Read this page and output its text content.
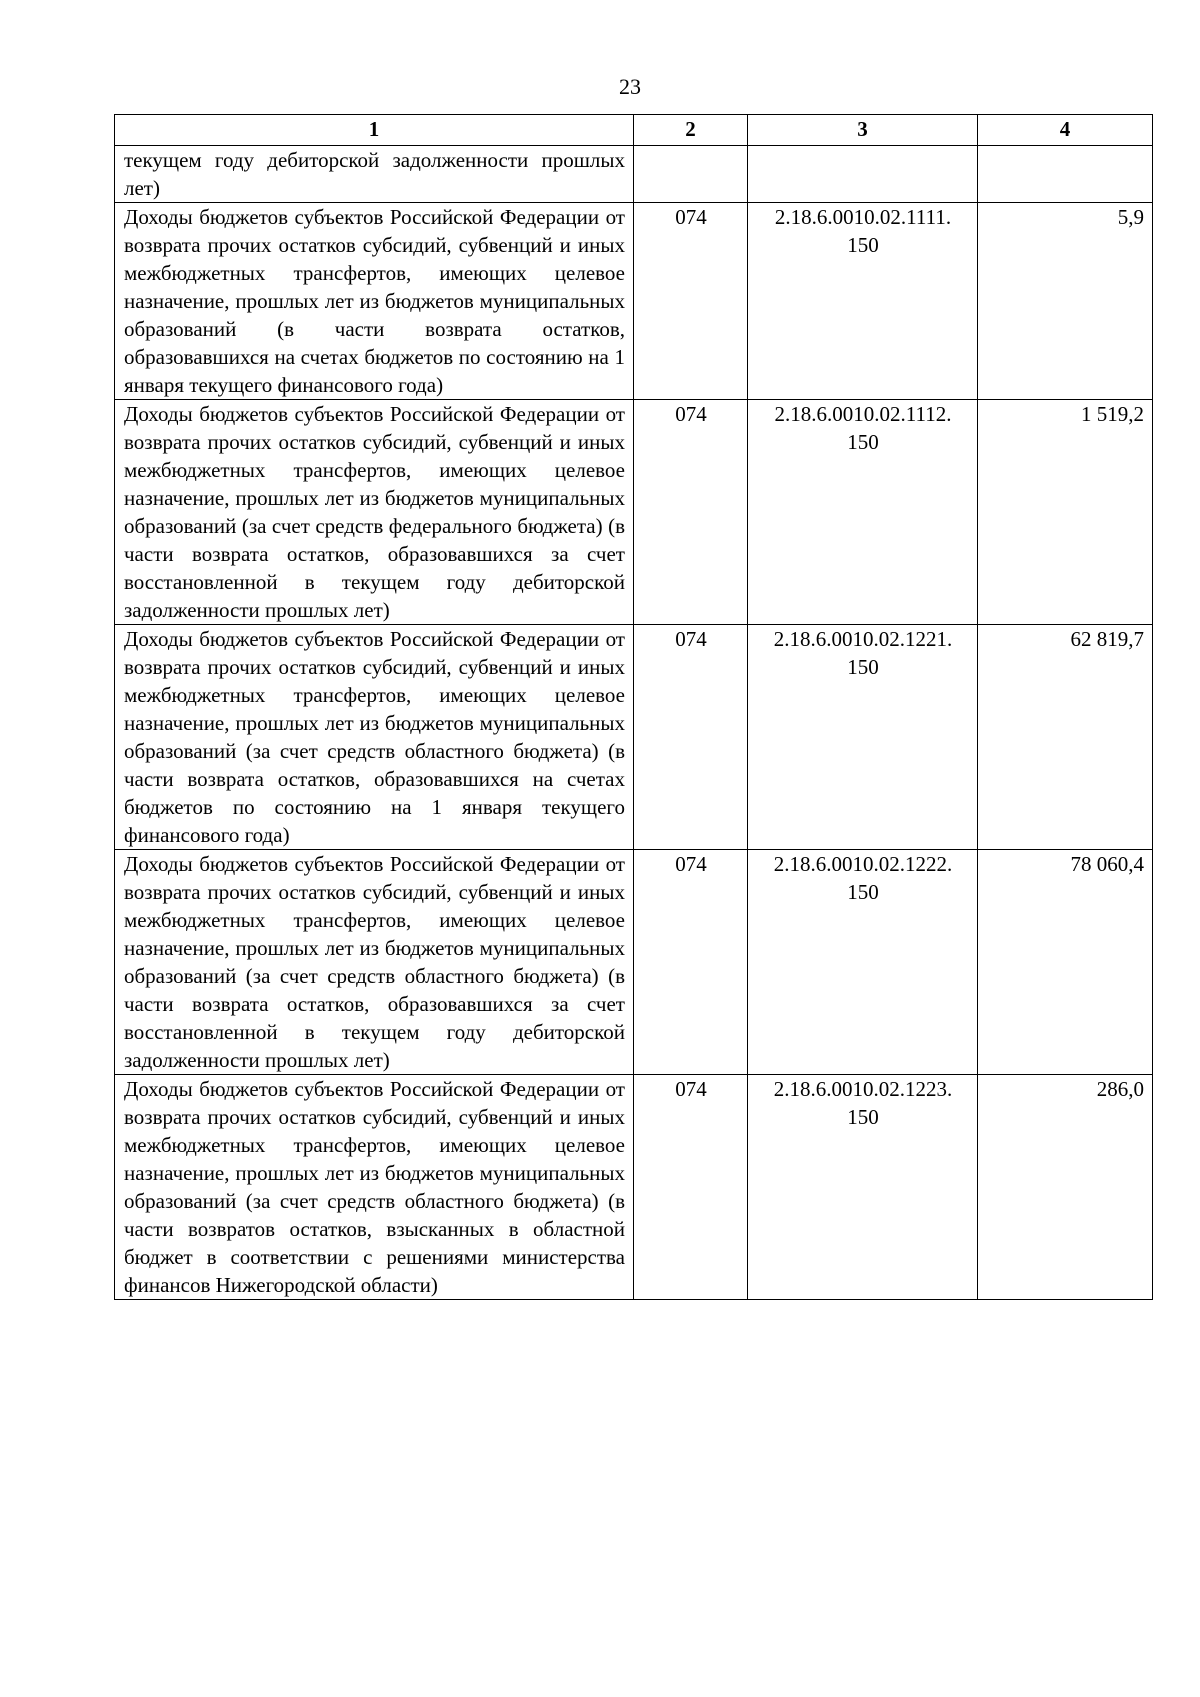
23
1	2	3	4
текущем году дебиторской задолженности прошлых лет)			
Доходы бюджетов субъектов Российской Федерации от возврата прочих остатков субсидий, субвенций и иных межбюджетных трансфертов, имеющих целевое назначение, прошлых лет из бюджетов муниципальных образований (в части возврата остатков, образовавшихся на счетах бюджетов по состоянию на 1 января текущего финансового года)	074	2.18.6.0010.02.1111. 150	5,9
Доходы бюджетов субъектов Российской Федерации от возврата прочих остатков субсидий, субвенций и иных межбюджетных трансфертов, имеющих целевое назначение, прошлых лет из бюджетов муниципальных образований (за счет средств федерального бюджета) (в части возврата остатков, образовавшихся за счет восстановленной в текущем году дебиторской задолженности прошлых лет)	074	2.18.6.0010.02.1112. 150	1 519,2
Доходы бюджетов субъектов Российской Федерации от возврата прочих остатков субсидий, субвенций и иных межбюджетных трансфертов, имеющих целевое назначение, прошлых лет из бюджетов муниципальных образований (за счет средств областного бюджета) (в части возврата остатков, образовавшихся на счетах бюджетов по состоянию на 1 января текущего финансового года)	074	2.18.6.0010.02.1221. 150	62 819,7
Доходы бюджетов субъектов Российской Федерации от возврата прочих остатков субсидий, субвенций и иных межбюджетных трансфертов, имеющих целевое назначение, прошлых лет из бюджетов муниципальных образований (за счет средств областного бюджета) (в части возврата остатков, образовавшихся за счет восстановленной в текущем году дебиторской задолженности прошлых лет)	074	2.18.6.0010.02.1222. 150	78 060,4
Доходы бюджетов субъектов Российской Федерации от возврата прочих остатков субсидий, субвенций и иных межбюджетных трансфертов, имеющих целевое назначение, прошлых лет из бюджетов муниципальных образований (за счет средств областного бюджета) (в части возвратов остатков, взысканных в областной бюджет в соответствии с решениями министерства финансов Нижегородской области)	074	2.18.6.0010.02.1223. 150	286,0
